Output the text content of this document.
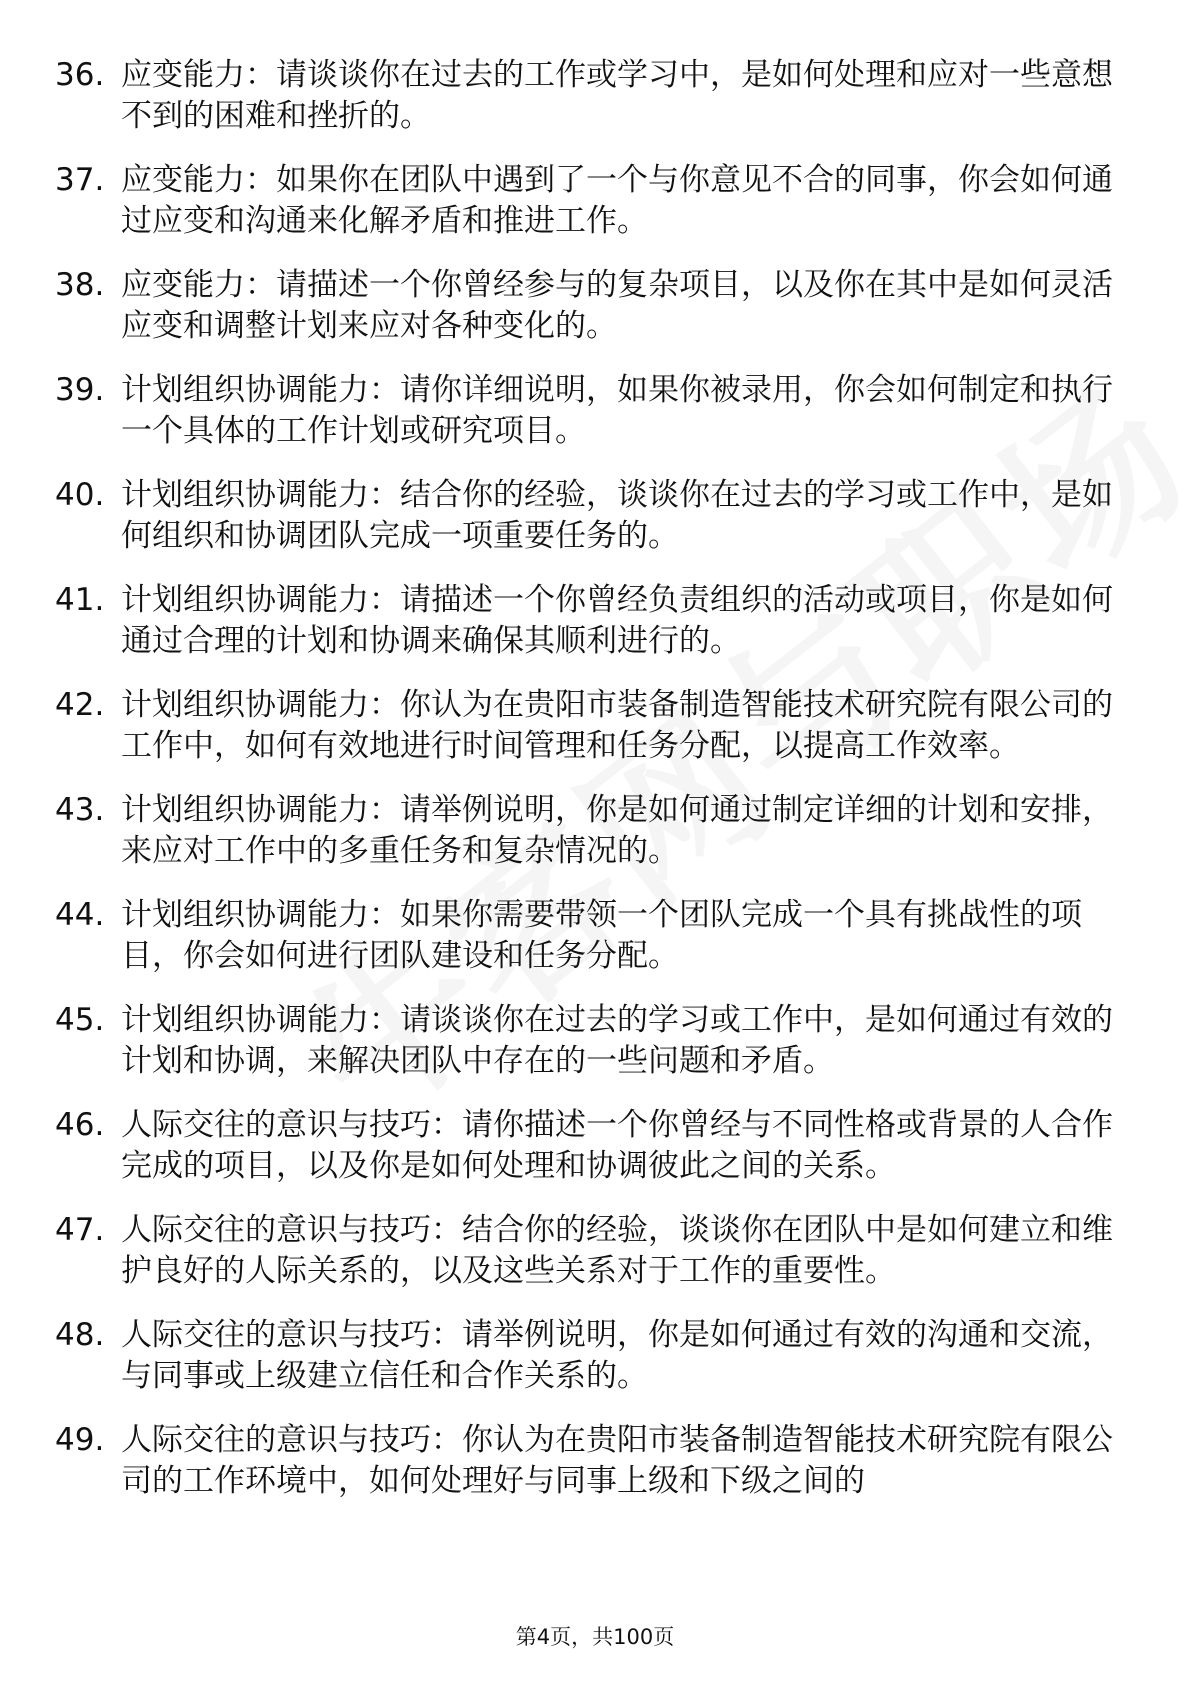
36. 应变能力：请谈谈你在过去的工作或学习中，是如何处理和应对一些意想不到的困难和挫折的。
37. 应变能力：如果你在团队中遇到了一个与你意见不合的同事，你会如何通过应变和沟通来化解矛盾和推进工作。
38. 应变能力：请描述一个你曾经参与的复杂项目，以及你在其中是如何灵活应变和调整计划来应对各种变化的。
39. 计划组织协调能力：请你详细说明，如果你被录用，你会如何制定和执行一个具体的工作计划或研究项目。
40. 计划组织协调能力：结合你的经验，谈谈你在过去的学习或工作中，是如何组织和协调团队完成一项重要任务的。
41. 计划组织协调能力：请描述一个你曾经负责组织的活动或项目，你是如何通过合理的计划和协调来确保其顺利进行的。
42. 计划组织协调能力：你认为在贵阳市装备制造智能技术研究院有限公司的工作中，如何有效地进行时间管理和任务分配，以提高工作效率。
43. 计划组织协调能力：请举例说明，你是如何通过制定详细的计划和安排，来应对工作中的多重任务和复杂情况的。
44. 计划组织协调能力：如果你需要带领一个团队完成一个具有挑战性的项目，你会如何进行团队建设和任务分配。
45. 计划组织协调能力：请谈谈你在过去的学习或工作中，是如何通过有效的计划和协调，来解决团队中存在的一些问题和矛盾。
46. 人际交往的意识与技巧：请你描述一个你曾经与不同性格或背景的人合作完成的项目，以及你是如何处理和协调彼此之间的关系。
47. 人际交往的意识与技巧：结合你的经验，谈谈你在团队中是如何建立和维护良好的人际关系的，以及这些关系对于工作的重要性。
48. 人际交往的意识与技巧：请举例说明，你是如何通过有效的沟通和交流，与同事或上级建立信任和合作关系的。
49. 人际交往的意识与技巧：你认为在贵阳市装备制造智能技术研究院有限公司的工作环境中，如何处理好与同事上级和下级之间的
第4页，共100页
